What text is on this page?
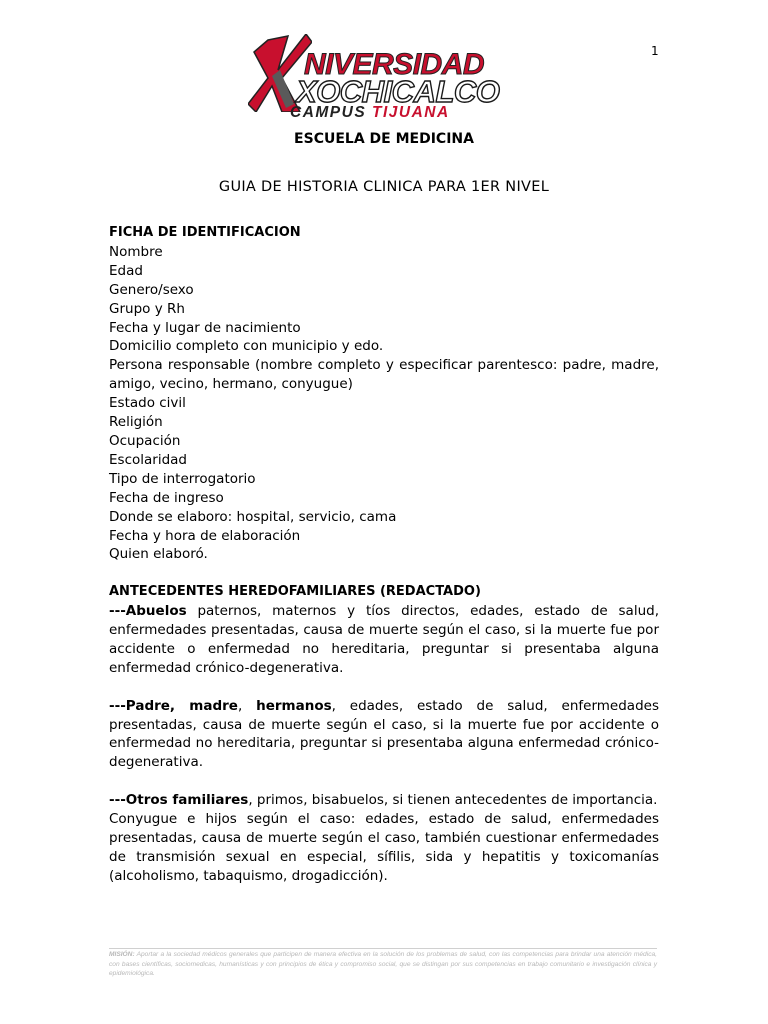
1
NIVERSIDAD
XOCHICALCO
CAMPUS TIJUANA
ESCUELA DE MEDICINA
GUIA DE HISTORIA CLINICA PARA 1ER NIVEL

FICHA DE IDENTIFICACION

Nombre

Edad

Genero/sexo

Grupo y Rh

Fecha y lugar de nacimiento

Domicilio completo con municipio y edo.

Persona responsable (nombre completo y especificar parentesco: padre, madre, amigo, vecino, hermano, conyugue)

Estado civil

Religión

Ocupación

Escolaridad

Tipo de interrogatorio

Fecha de ingreso

Donde se elaboro: hospital, servicio, cama

Fecha y hora de elaboración

Quien elaboró.

ANTECEDENTES HEREDOFAMILIARES (REDACTADO)

---Abuelos paternos, maternos y tíos directos, edades, estado de salud, enfermedades presentadas, causa de muerte según el caso, si la muerte fue por accidente o enfermedad no hereditaria, preguntar si presentaba alguna enfermedad crónico-degenerativa.

---Padre, madre, hermanos, edades, estado de salud, enfermedades presentadas, causa de muerte según el caso, si la muerte fue por accidente o enfermedad no hereditaria, preguntar si presentaba alguna enfermedad crónico-degenerativa.

---Otros familiares, primos, bisabuelos, si tienen antecedentes de importancia.

Conyugue e hijos según el caso: edades, estado de salud, enfermedades presentadas, causa de muerte según el caso, también cuestionar enfermedades de transmisión sexual en especial, sífilis, sida y hepatitis y toxicomanías (alcoholismo, tabaquismo, drogadicción).

MISIÓN: Aportar a la sociedad médicos generales que participen de manera efectiva en la solución de los problemas de salud, con las competencias para brindar una atención médica, con bases científicas, sociomedicas, humanísticas y con principios de ética y compromiso social, que se distingan por sus competencias en trabajo comunitario e investigación clínica y epidemiológica.
